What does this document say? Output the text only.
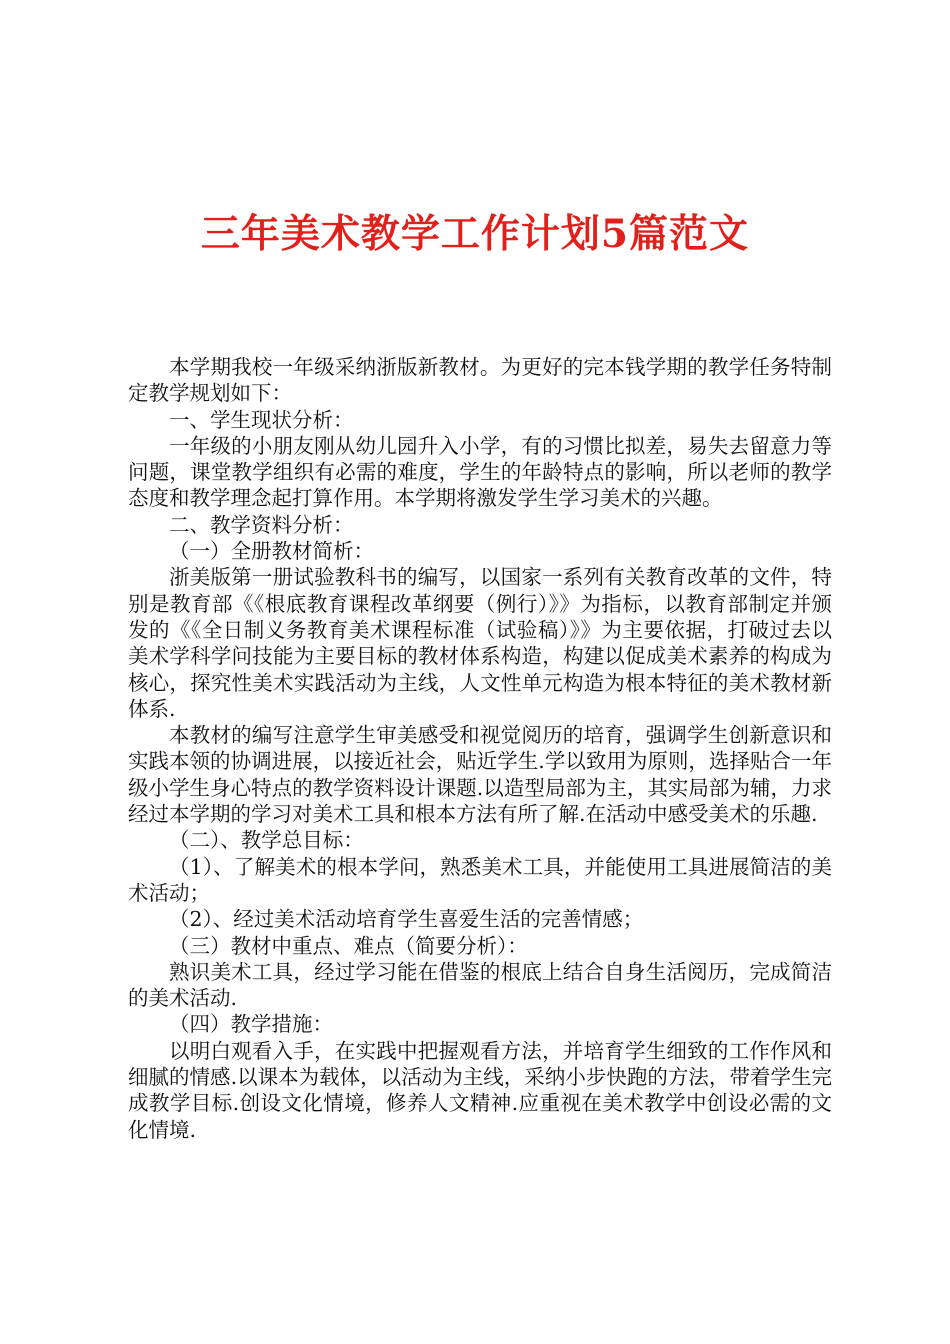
三年美术教学工作计划5篇范文

本学期我校一年级采纳浙版新教材。为更好的完本钱学期的教学任务特制定教学规划如下：

一、学生现状分析：

一年级的小朋友刚从幼儿园升入小学，有的习惯比拟差，易失去留意力等问题，课堂教学组织有必需的难度，学生的年龄特点的影响，所以老师的教学态度和教学理念起打算作用。本学期将激发学生学习美术的兴趣。

二、教学资料分析：

（一）全册教材简析：

浙美版第一册试验教科书的编写，以国家一系列有关教育改革的文件，特别是教育部《《根底教育课程改革纲要（例行）》》为指标，以教育部制定并颁发的《《全日制义务教育美术课程标准（试验稿）》》为主要依据，打破过去以美术学科学问技能为主要目标的教材体系构造，构建以促成美术素养的构成为核心，探究性美术实践活动为主线，人文性单元构造为根本特征的美术教材新体系.

本教材的编写注意学生审美感受和视觉阅历的培育，强调学生创新意识和实践本领的协调进展，以接近社会，贴近学生.学以致用为原则，选择贴合一年级小学生身心特点的教学资料设计课题.以造型局部为主，其实局部为辅，力求经过本学期的学习对美术工具和根本方法有所了解.在活动中感受美术的乐趣.

（二）、教学总目标：

（1）、了解美术的根本学问，熟悉美术工具，并能使用工具进展简洁的美术活动；

（2）、经过美术活动培育学生喜爱生活的完善情感；

（三）教材中重点、难点（简要分析）：

熟识美术工具，经过学习能在借鉴的根底上结合自身生活阅历，完成简洁的美术活动.

（四）教学措施：

以明白观看入手，在实践中把握观看方法，并培育学生细致的工作作风和细腻的情感.以课本为载体，以活动为主线，采纳小步快跑的方法，带着学生完成教学目标.创设文化情境，修养人文精神.应重视在美术教学中创设必需的文化情境.
